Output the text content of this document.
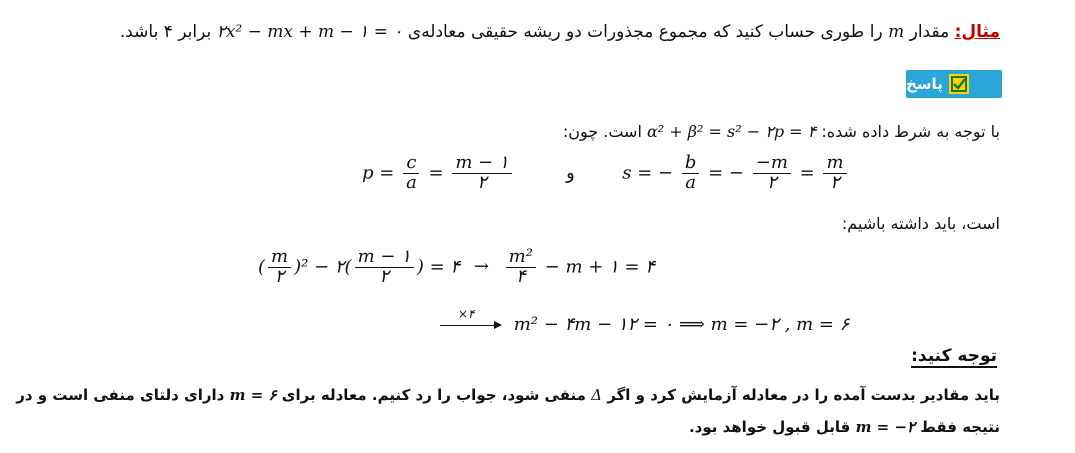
مثال: مقدار m را طوری حساب کنید که مجموع مجذورات دو ریشه حقیقی معادله‌ی ۲x² − mx + m − ۱ = ۰ برابر ۴ باشد.
پاسخ
با توجه به شرط داده شده: α² + β² = s² − ۲p = ۴ است. چون:
$p = \frac{c}{a} = \frac{m - ۱}{۲}$	و	s = − $\frac{b}{a}$ = − $\frac{-m}{۲} = \frac{m}{۲}$
است، باید داشته باشیم:
( $\frac{m}{۲} )^2$ − ۲( $\frac{m - ۱}{۲}$ ) = ۴ → $\frac{\text{m²}}{۴} - m$ + ۱ = ۴
×۴
m² − ۴m − ۱۲ = ۰ ⟹ m = −۲ , m = ۶
توجه کنید:
باید مقادیر بدست آمده را در معادله آزمایش کرد و اگر Δ منفی شود، جواب را رد کنیم. معادله برای m = ۶ دارای دلتای منفی است و در
نتیجه فقط m = −۲ قابل قبول خواهد بود.
